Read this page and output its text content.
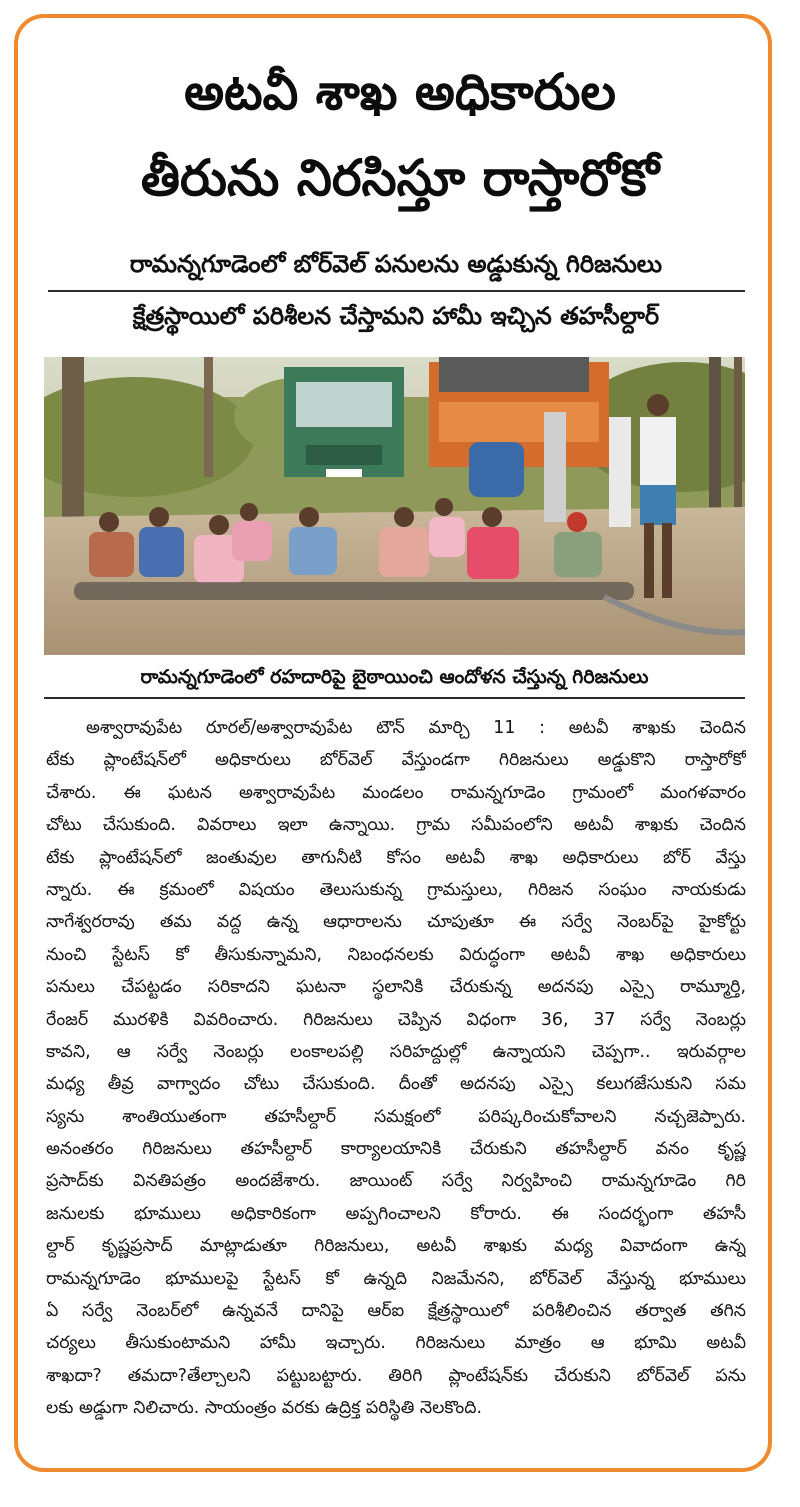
అటవీ శాఖ అధికారుల
తీరును నిరసిస్తూ రాస్తారోకో
రామన్నగూడెంలో బోర్‌వెల్ పనులను అడ్డుకున్న గిరిజనులు
క్షేత్రస్థాయిలో పరిశీలన చేస్తామని హామీ ఇచ్చిన తహసీల్దార్
రామన్నగూడెంలో రహదారిపై బైఠాయించి ఆందోళన చేస్తున్న గిరిజనులు
అశ్వారావుపేట రూరల్/అశ్వారావుపేట టౌన్ మార్చి 11 : అటవీ శాఖకు చెందిన
టేకు ప్లాంటేషన్‌లో అధికారులు బోర్‌వెల్ వేస్తుండగా గిరిజనులు అడ్డుకొని రాస్తారోకో
చేశారు. ఈ ఘటన అశ్వారావుపేట మండలం రామన్నగూడెం గ్రామంలో మంగళవారం
చోటు చేసుకుంది. వివరాలు ఇలా ఉన్నాయి. గ్రామ సమీపంలోని అటవీ శాఖకు చెందిన
టేకు ప్లాంటేషన్‌లో జంతువుల తాగునీటి కోసం అటవీ శాఖ అధికారులు బోర్ వేస్తు
న్నారు. ఈ క్రమంలో విషయం తెలుసుకున్న గ్రామస్తులు, గిరిజన సంఘం నాయకుడు
నాగేశ్వరరావు తమ వద్ద ఉన్న ఆధారాలను చూపుతూ ఈ సర్వే నెంబర్‌పై హైకోర్టు
నుంచి స్టేటస్ కో తీసుకున్నామని, నిబంధనలకు విరుద్ధంగా అటవీ శాఖ అధికారులు
పనులు చేపట్టడం సరికాదని ఘటనా స్థలానికి చేరుకున్న అదనపు ఎస్సై రామ్మూర్తి,
రేంజర్ మురళికి వివరించారు. గిరిజనులు చెప్పిన విధంగా 36, 37 సర్వే నెంబర్లు
కావని, ఆ సర్వే నెంబర్లు లంకాలపల్లి సరిహద్దుల్లో ఉన్నాయని చెప్పగా.. ఇరువర్గాల
మధ్య తీవ్ర వాగ్వాదం చోటు చేసుకుంది. దీంతో అదనపు ఎస్సై కలుగజేసుకుని సమ
స్యను శాంతియుతంగా తహసీల్దార్ సమక్షంలో పరిష్కరించుకోవాలని నచ్చజెప్పారు.
అనంతరం గిరిజనులు తహసీల్దార్ కార్యాలయానికి చేరుకుని తహసీల్దార్ వనం కృష్ణ
ప్రసాద్‌కు వినతిపత్రం అందజేశారు. జాయింట్ సర్వే నిర్వహించి రామన్నగూడెం గిరి
జనులకు భూములు అధికారికంగా అప్పగించాలని కోరారు. ఈ సందర్భంగా తహసీ
ల్దార్ కృష్ణప్రసాద్ మాట్లాడుతూ గిరిజనులు, అటవీ శాఖకు మధ్య వివాదంగా ఉన్న
రామన్నగూడెం భూములపై స్టేటస్ కో ఉన్నది నిజమేనని, బోర్‌వెల్ వేస్తున్న భూములు
ఏ సర్వే నెంబర్‌లో ఉన్నవనే దానిపై ఆర్ఐ క్షేత్రస్థాయిలో పరిశీలించిన తర్వాత తగిన
చర్యలు తీసుకుంటామని హామీ ఇచ్చారు. గిరిజనులు మాత్రం ఆ భూమి అటవీ
శాఖదా? తమదా?తేల్చాలని పట్టుబట్టారు. తిరిగి ప్లాంటేషన్‌కు చేరుకుని బోర్‌వెల్ పను
లకు అడ్డుగా నిలిచారు. సాయంత్రం వరకు ఉద్రిక్త పరిస్థితి నెలకొంది.
